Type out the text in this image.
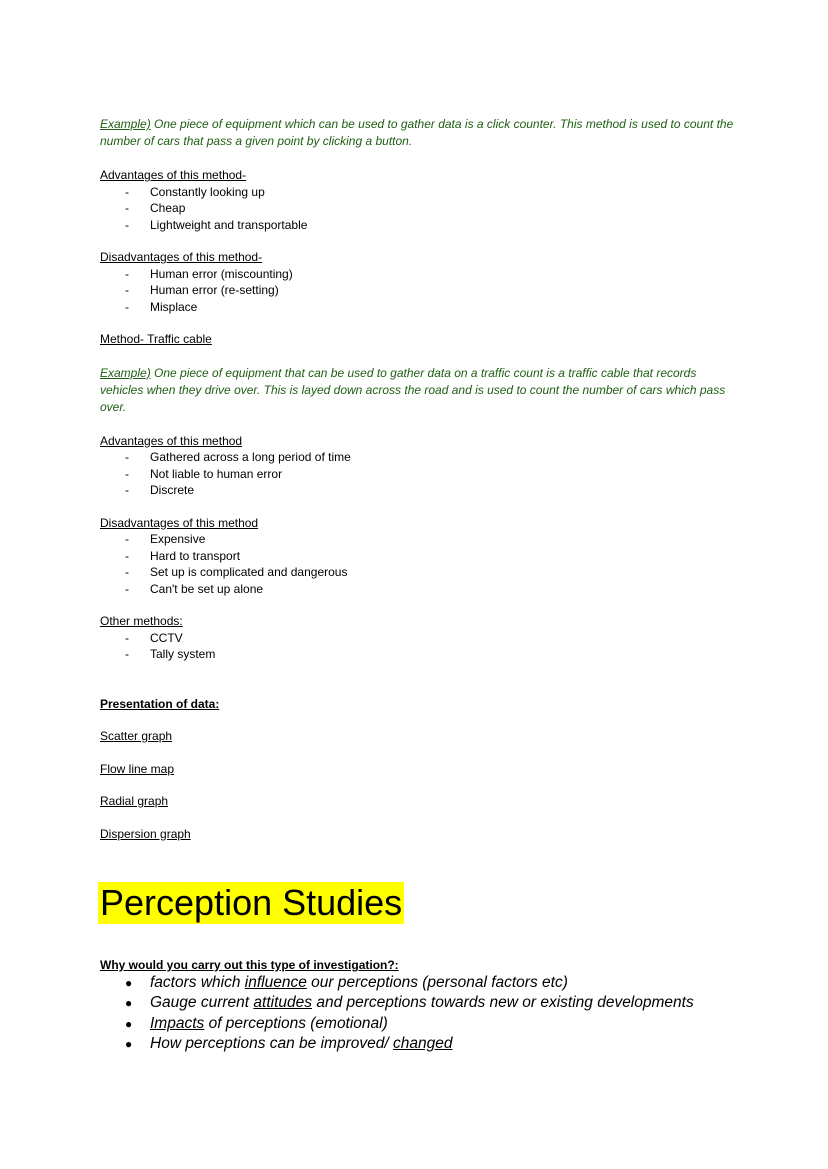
Example) One piece of equipment which can be used to gather data is a click counter. This method is used to count the number of cars that pass a given point by clicking a button.

Advantages of this method-

- Constantly looking up
- Cheap
- Lightweight and transportable

Disadvantages of this method-

- Human error (miscounting)
- Human error (re-setting)
- Misplace

Method- Traffic cable

Example) One piece of equipment that can be used to gather data on a traffic count is a traffic cable that records vehicles when they drive over. This is layed down across the road and is used to count the number of cars which pass over.

Advantages of this method

- Gathered across a long period of time
- Not liable to human error
- Discrete

Disadvantages of this method

- Expensive
- Hard to transport
- Set up is complicated and dangerous
- Can't be set up alone

Other methods:

- CCTV
- Tally system

Presentation of data:

Scatter graph

Flow line map

Radial graph

Dispersion graph

Perception Studies
Why would you carry out this type of investigation?:
● factors which influence our perceptions (personal factors etc)
● Gauge current attitudes and perceptions towards new or existing developments
● Impacts of perceptions (emotional)
● How perceptions can be improved/ changed
